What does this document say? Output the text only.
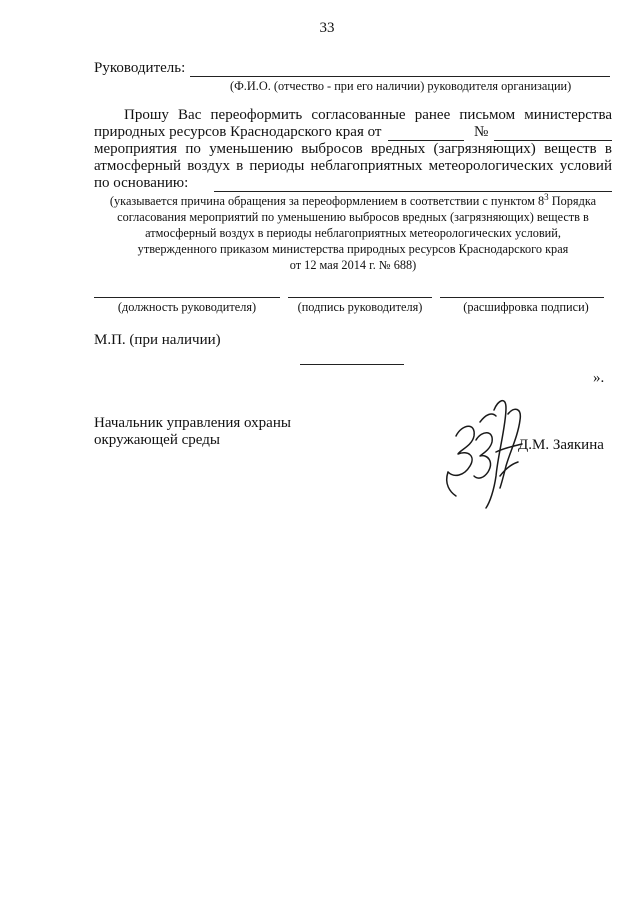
33
Руководитель:
(Ф.И.О. (отчество - при его наличии) руководителя организации)
Прошу Вас переоформить согласованные ранее письмом министерства
природных ресурсов Краснодарского края от	№
мероприятия по уменьшению выбросов вредных (загрязняющих) веществ в
атмосферный воздух в периоды неблагоприятных метеорологических условий
по основанию:
(указывается причина обращения за переоформлением в соответствии с пунктом $8^3$ Порядка
согласования мероприятий по уменьшению выбросов вредных (загрязняющих) веществ в
атмосферный воздух в периоды неблагоприятных метеорологических условий,
утвержденного приказом министерства природных ресурсов Краснодарского края
от 12 мая 2014 г. № 688)
(должность руководителя)	(подпись руководителя)	(расшифровка подписи)
М.П. (при наличии)
».
Начальник управления охраны
окружающей среды	Д.М. Заякина
